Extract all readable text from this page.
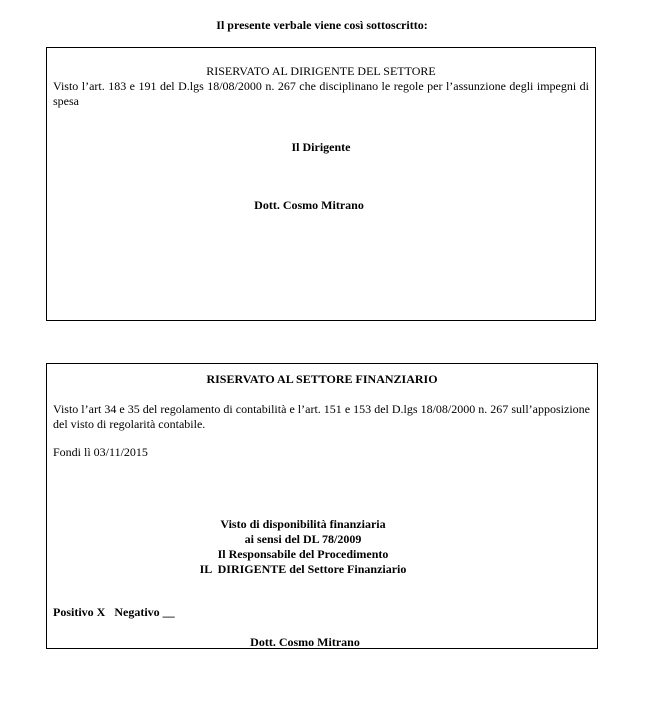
Il presente verbale viene così sottoscritto:
RISERVATO AL DIRIGENTE DEL SETTORE
Visto l’art. 183 e 191 del D.lgs 18/08/2000 n. 267 che disciplinano le regole per l’assunzione degli impegni di spesa
Il Dirigente
Dott. Cosmo Mitrano
RISERVATO AL SETTORE FINANZIARIO
Visto l’art 34 e 35 del regolamento di contabilità e l’art. 151 e 153 del D.lgs 18/08/2000 n. 267 sull’apposizione del visto di regolarità contabile.
Fondi lì 03/11/2015
Visto di disponibilità finanziaria
ai sensi del DL 78/2009
Il Responsabile del Procedimento
IL  DIRIGENTE del Settore Finanziario
Positivo X   Negativo __
Dott. Cosmo Mitrano
